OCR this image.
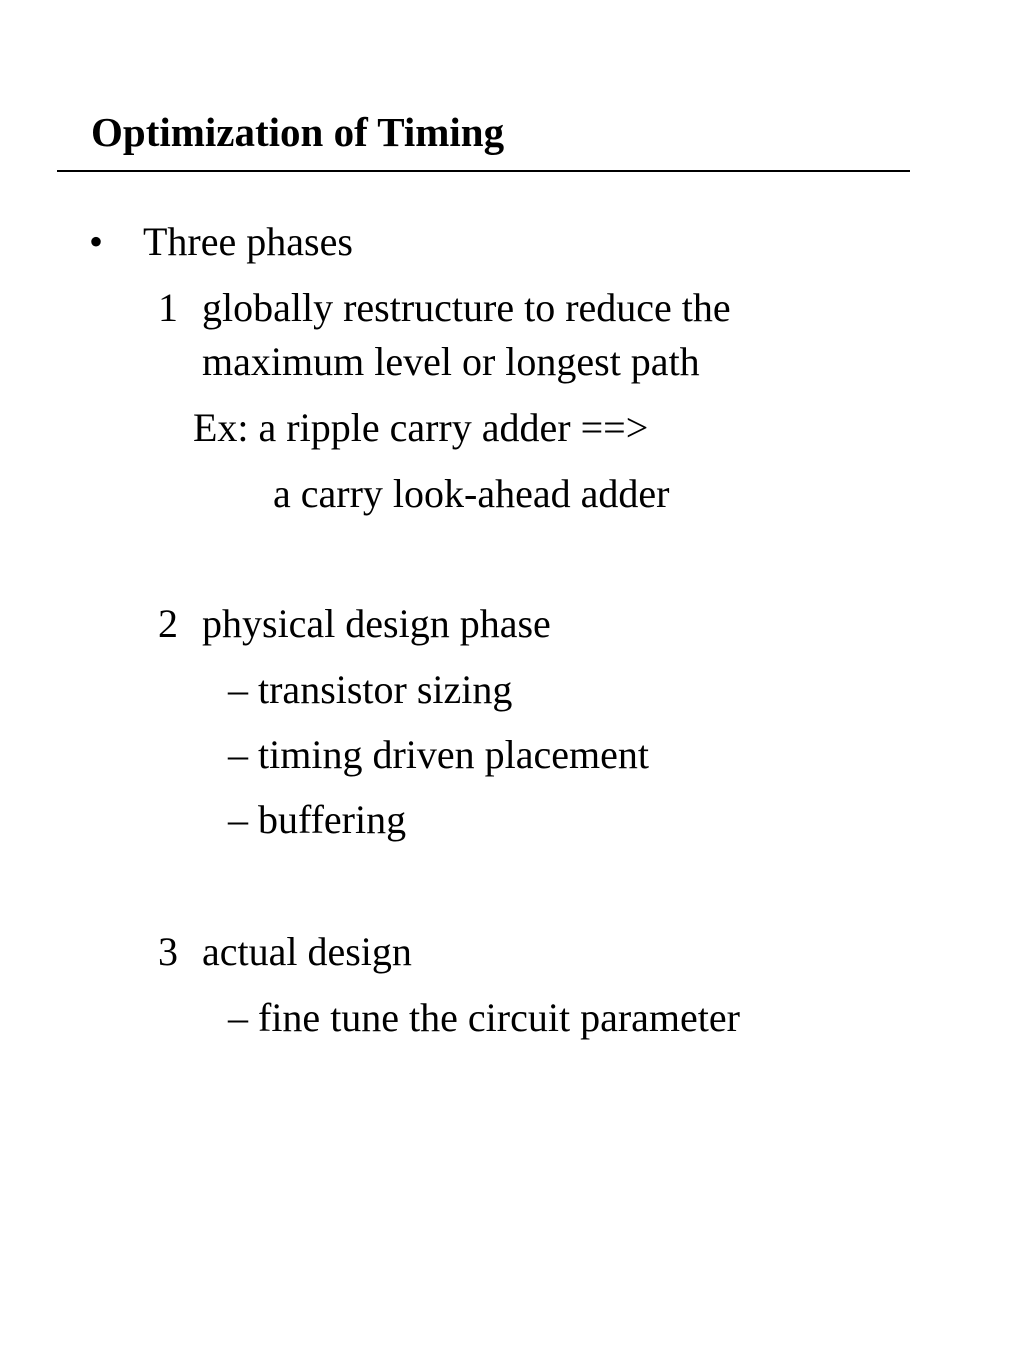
Optimization of Timing
• Three phases
1 globally restructure to reduce the
maximum level or longest path
Ex: a ripple carry adder ==>
a carry look-ahead adder
2 physical design phase
– transistor sizing
– timing driven placement
– buffering
3 actual design
– fine tune the circuit parameter
